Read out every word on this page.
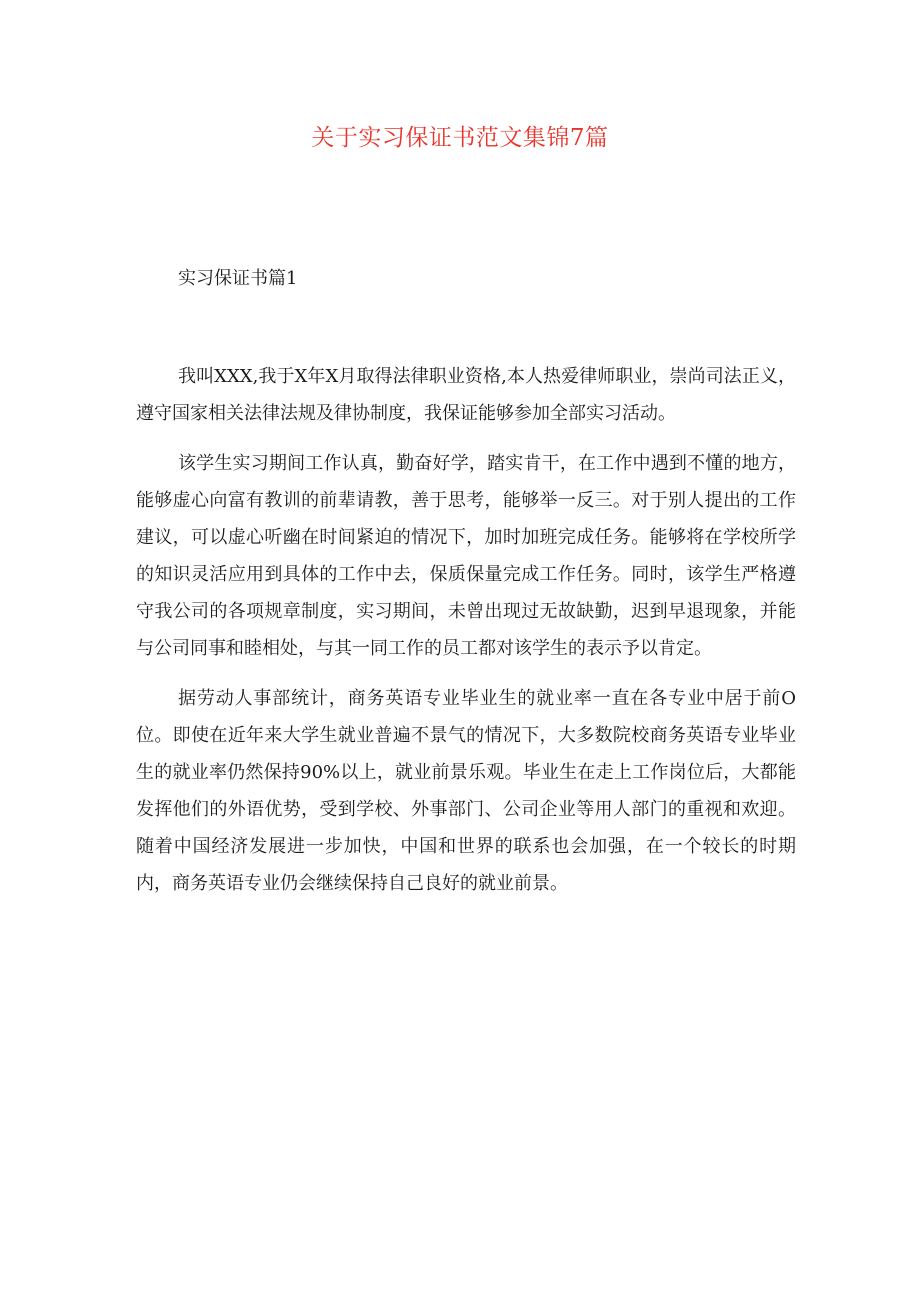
关于实习保证书范文集锦7篇
实习保证书篇1

我叫XXX,我于X年X月取得法律职业资格,本人热爱律师职业，崇尚司法正义，遵守国家相关法律法规及律协制度，我保证能够参加全部实习活动。

该学生实习期间工作认真，勤奋好学，踏实肯干，在工作中遇到不懂的地方，能够虚心向富有教训的前辈请教，善于思考，能够举一反三。对于别人提出的工作建议，可以虚心听幽在时间紧迫的情况下，加时加班完成任务。能够将在学校所学的知识灵活应用到具体的工作中去，保质保量完成工作任务。同时，该学生严格遵守我公司的各项规章制度，实习期间，未曾出现过无故缺勤，迟到早退现象，并能与公司同事和睦相处，与其一同工作的员工都对该学生的表示予以肯定。

据劳动人事部统计，商务英语专业毕业生的就业率一直在各专业中居于前O位。即使在近年来大学生就业普遍不景气的情况下，大多数院校商务英语专业毕业生的就业率仍然保持90%以上，就业前景乐观。毕业生在走上工作岗位后，大都能发挥他们的外语优势，受到学校、外事部门、公司企业等用人部门的重视和欢迎。随着中国经济发展进一步加快，中国和世界的联系也会加强，在一个较长的时期内，商务英语专业仍会继续保持自己良好的就业前景。
